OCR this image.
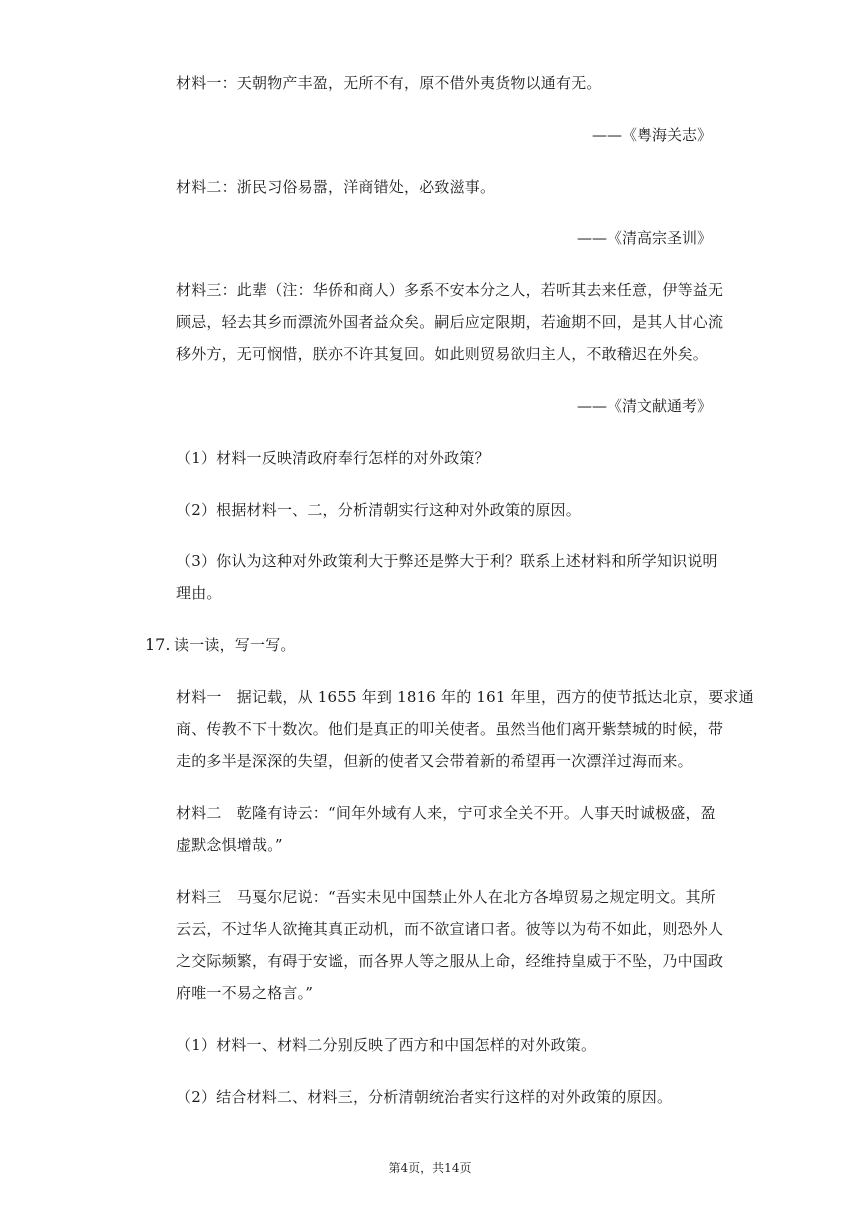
材料一：天朝物产丰盈，无所不有，原不借外夷货物以通有无。
——《粤海关志》
材料二：浙民习俗易嚣，洋商错处，必致滋事。
——《清高宗圣训》
材料三：此辈（注：华侨和商人）多系不安本分之人，若听其去来任意，伊等益无
顾忌，轻去其乡而漂流外国者益众矣。嗣后应定限期，若逾期不回，是其人甘心流
移外方，无可悯惜，朕亦不许其复回。如此则贸易欲归主人，不敢稽迟在外矣。
——《清文献通考》
（1）材料一反映清政府奉行怎样的对外政策？
（2）根据材料一、二，分析清朝实行这种对外政策的原因。
（3）你认为这种对外政策利大于弊还是弊大于利？联系上述材料和所学知识说明
理由。
17. 读一读，写一写。
材料一　据记载，从 1655 年到 1816 年的 161 年里，西方的使节抵达北京，要求通
商、传教不下十数次。他们是真正的叩关使者。虽然当他们离开紫禁城的时候，带
走的多半是深深的失望，但新的使者又会带着新的希望再一次漂洋过海而来。
材料二　乾隆有诗云：“间年外域有人来，宁可求全关不开。人事天时诚极盛，盈
虚默念惧增哉。”
材料三　马戛尔尼说：“吾实未见中国禁止外人在北方各埠贸易之规定明文。其所
云云，不过华人欲掩其真正动机，而不欲宣诸口者。彼等以为苟不如此，则恐外人
之交际频繁，有碍于安谧，而各界人等之服从上命，经维持皇威于不坠，乃中国政
府唯一不易之格言。”
（1）材料一、材料二分别反映了西方和中国怎样的对外政策。
（2）结合材料二、材料三，分析清朝统治者实行这样的对外政策的原因。
第4页，共14页
